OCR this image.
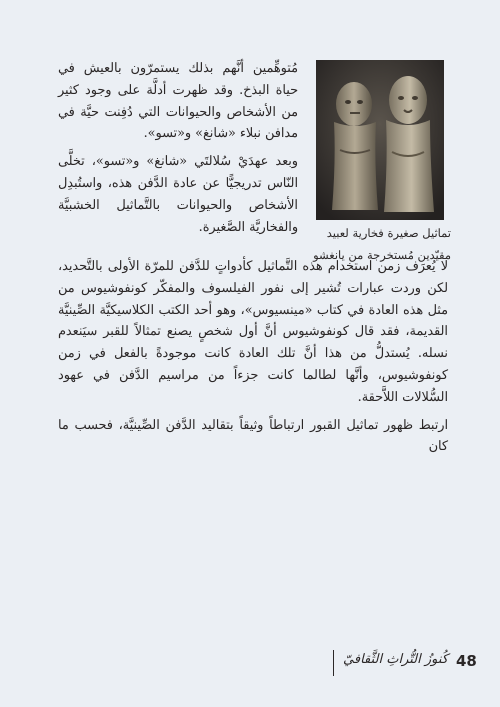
تماثيل صغيرة فخارية لعبيد مقيّدين مُستخرجة من يانغشو

مُتوهِّمين أنَّهم بذلك يستمرّون بالعيش في حياة البذخ. وقد ظهرت أدلَّة على وجود كثير من الأشخاص والحيوانات التي دُفِنت حيَّة في مدافن نبلاء «شانغ» و«تسو».

وبعد عهدَيْ سُلالتَي «شانغ» و«تسو»، تخلَّى النّاس تدريجيًّا عن عادة الدَّفن هذه، واستُبدِل الأشخاص والحيوانات بالتَّماثيل الخشبيَّة والفخاريَّة الصَّغيرة.

لا يُعرَف زمن استخدام هذه التَّماثيل كأدواتٍ للدَّفن للمرّة الأولى بالتَّحديد، لكن وردت عبارات تُشير إلى نفور الفيلسوف والمفكّر كونفوشيوس من مثل هذه العادة في كتاب «مينسيوس»، وهو أحد الكتب الكلاسيكيَّة الصِّينيَّة القديمة، فقد قال كونفوشيوس أنَّ أول شخصٍ يصنع تمثالاً للقبر سيَنعدم نسله. يُستدلُّ من هذا أنَّ تلك العادة كانت موجودةً بالفعل في زمن كونفوشيوس، وأنَّها لطالما كانت جزءاً من مراسيم الدَّفن في عهود السُّلالات اللاَّحقة.

ارتبط ظهور تماثيل القبور ارتباطاً وثيقاً بتقاليد الدَّفن الصِّينيَّة، فحسب ما كان

كُنوزُ التُّراثِ الثَّقافيّ 48
